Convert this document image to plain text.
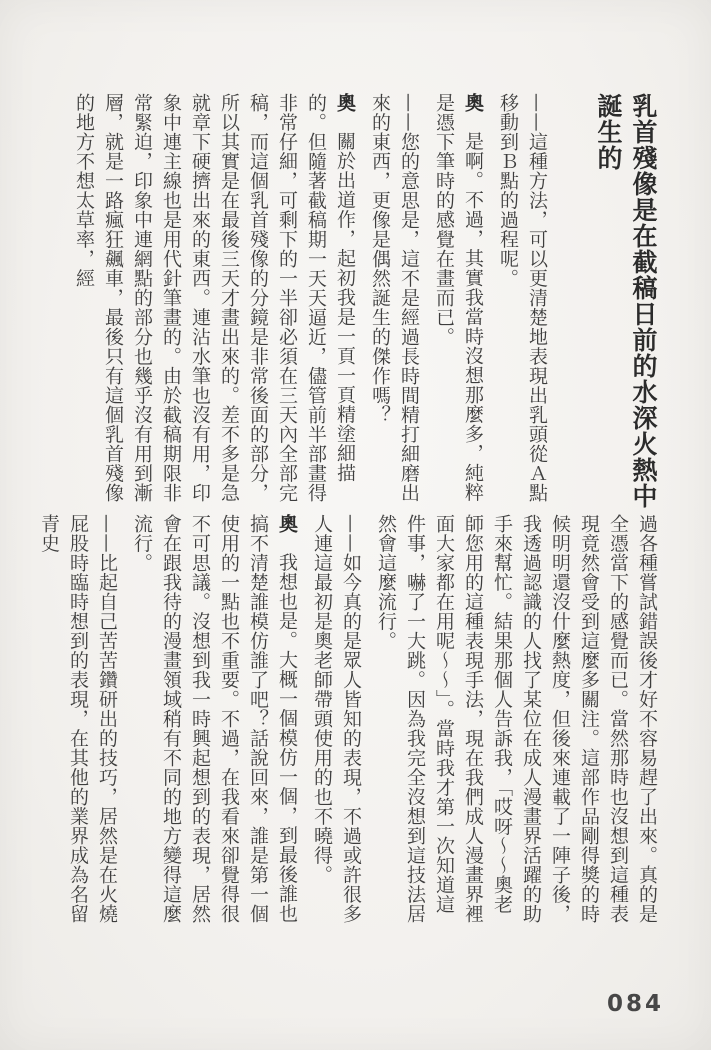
乳首殘像是在截稿日前的水深火熱中
誕生的

——這種方法，可以更清楚地表現出乳頭從Ａ點移動到Ｂ點的過程呢。

奧是啊。不過，其實我當時沒想那麼多，純粹是憑下筆時的感覺在畫而已。

——您的意思是，這不是經過長時間精打細磨出來的東西，更像是偶然誕生的傑作嗎？

奧關於出道作，起初我是一頁一頁精塗細描的。但隨著截稿期一天天逼近，儘管前半部畫得非常仔細，可剩下的一半卻必須在三天內全部完稿，而這個乳首殘像的分鏡是非常後面的部分，所以其實是在最後三天才畫出來的。差不多是急就章下硬擠出來的東西。連沾水筆也沒有用，印象中連主線也是用代針筆畫的。由於截稿期限非常緊迫，印象中連網點的部分也幾乎沒有用到漸層，就是一路瘋狂飆車，最後只有這個乳首殘像的地方不想太草率，經

過各種嘗試錯誤後才好不容易趕了出來。真的是全憑當下的感覺而已。當然那時也沒想到這種表現竟然會受到這麼多關注。這部作品剛得獎的時候明明還沒什麼熱度，但後來連載了一陣子後，我透過認識的人找了某位在成人漫畫界活躍的助手來幫忙。結果那個人告訴我，「哎呀～～奧老師您用的這種表現手法，現在我們成人漫畫界裡面大家都在用呢～～」。當時我才第一次知道這件事，嚇了一大跳。因為我完全沒想到這技法居然會這麼流行。

——如今真的是眾人皆知的表現，不過或許很多人連這最初是奧老師帶頭使用的也不曉得。

奧我想也是。大概一個模仿一個，到最後誰也搞不清楚誰模仿誰了吧？話說回來，誰是第一個使用的一點也不重要。不過，在我看來卻覺得很不可思議。沒想到我一時興起想到的表現，居然會在跟我待的漫畫領域稍有不同的地方變得這麼流行。

——比起自己苦苦鑽研出的技巧，居然是在火燒屁股時臨時想到的表現，在其他的業界成為名留青史

084
